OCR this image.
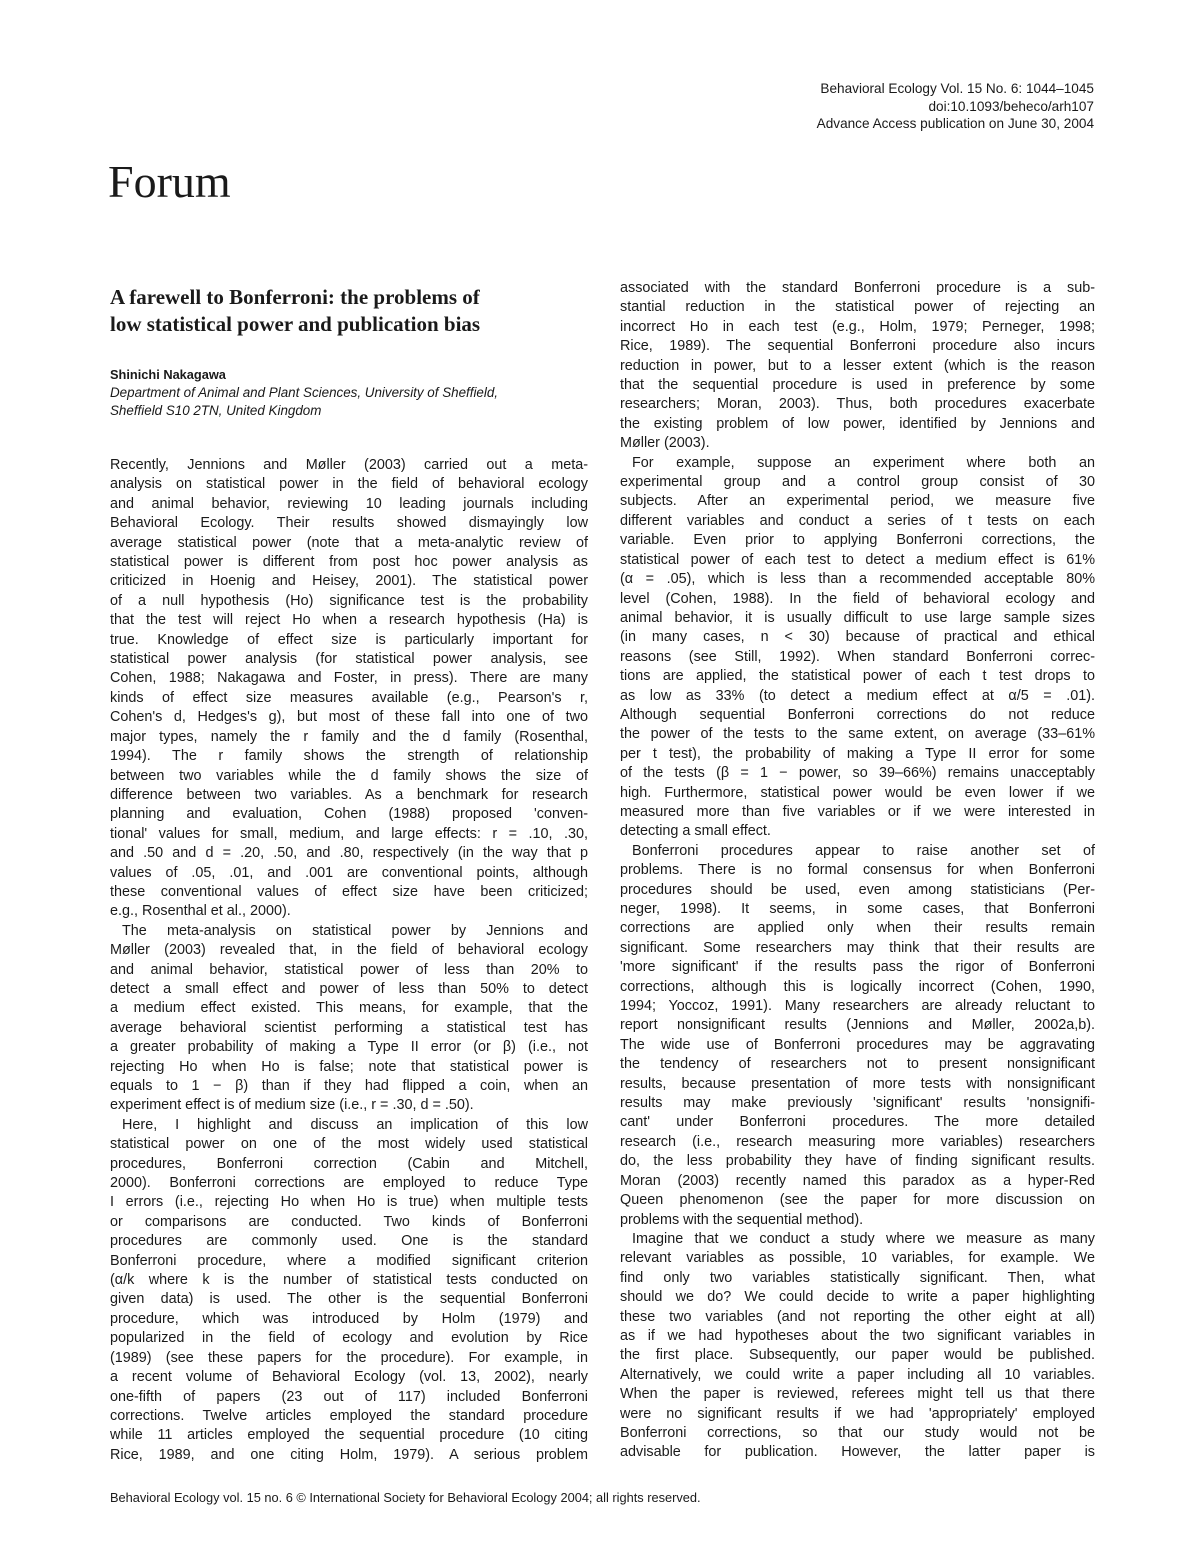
Behavioral Ecology Vol. 15 No. 6: 1044–1045
doi:10.1093/beheco/arh107
Advance Access publication on June 30, 2004
Forum
A farewell to Bonferroni: the problems of
low statistical power and publication bias
Shinichi Nakagawa
Department of Animal and Plant Sciences, University of Sheffield,
Sheffield S10 2TN, United Kingdom
Recently, Jennions and Møller (2003) carried out a meta-
analysis on statistical power in the field of behavioral ecology
and animal behavior, reviewing 10 leading journals including
Behavioral Ecology. Their results showed dismayingly low
average statistical power (note that a meta-analytic review of
statistical power is different from post hoc power analysis as
criticized in Hoenig and Heisey, 2001). The statistical power
of a null hypothesis (Ho) significance test is the probability
that the test will reject Ho when a research hypothesis (Ha) is
true. Knowledge of effect size is particularly important for
statistical power analysis (for statistical power analysis, see
Cohen, 1988; Nakagawa and Foster, in press). There are many
kinds of effect size measures available (e.g., Pearson's r,
Cohen's d, Hedges's g), but most of these fall into one of two
major types, namely the r family and the d family (Rosenthal,
1994). The r family shows the strength of relationship
between two variables while the d family shows the size of
difference between two variables. As a benchmark for research
planning and evaluation, Cohen (1988) proposed 'conven-
tional' values for small, medium, and large effects: r = .10, .30,
and .50 and d = .20, .50, and .80, respectively (in the way that p
values of .05, .01, and .001 are conventional points, although
these conventional values of effect size have been criticized;
e.g., Rosenthal et al., 2000).
The meta-analysis on statistical power by Jennions and
Møller (2003) revealed that, in the field of behavioral ecology
and animal behavior, statistical power of less than 20% to
detect a small effect and power of less than 50% to detect
a medium effect existed. This means, for example, that the
average behavioral scientist performing a statistical test has
a greater probability of making a Type II error (or β) (i.e., not
rejecting Ho when Ho is false; note that statistical power is
equals to 1 − β) than if they had flipped a coin, when an
experiment effect is of medium size (i.e., r = .30, d = .50).
Here, I highlight and discuss an implication of this low
statistical power on one of the most widely used statistical
procedures, Bonferroni correction (Cabin and Mitchell,
2000). Bonferroni corrections are employed to reduce Type
I errors (i.e., rejecting Ho when Ho is true) when multiple tests
or comparisons are conducted. Two kinds of Bonferroni
procedures are commonly used. One is the standard
Bonferroni procedure, where a modified significant criterion
(α/k where k is the number of statistical tests conducted on
given data) is used. The other is the sequential Bonferroni
procedure, which was introduced by Holm (1979) and
popularized in the field of ecology and evolution by Rice
(1989) (see these papers for the procedure). For example, in
a recent volume of Behavioral Ecology (vol. 13, 2002), nearly
one-fifth of papers (23 out of 117) included Bonferroni
corrections. Twelve articles employed the standard procedure
while 11 articles employed the sequential procedure (10 citing
Rice, 1989, and one citing Holm, 1979). A serious problem
associated with the standard Bonferroni procedure is a sub-
stantial reduction in the statistical power of rejecting an
incorrect Ho in each test (e.g., Holm, 1979; Perneger, 1998;
Rice, 1989). The sequential Bonferroni procedure also incurs
reduction in power, but to a lesser extent (which is the reason
that the sequential procedure is used in preference by some
researchers; Moran, 2003). Thus, both procedures exacerbate
the existing problem of low power, identified by Jennions and
Møller (2003).
For example, suppose an experiment where both an
experimental group and a control group consist of 30
subjects. After an experimental period, we measure five
different variables and conduct a series of t tests on each
variable. Even prior to applying Bonferroni corrections, the
statistical power of each test to detect a medium effect is 61%
(α = .05), which is less than a recommended acceptable 80%
level (Cohen, 1988). In the field of behavioral ecology and
animal behavior, it is usually difficult to use large sample sizes
(in many cases, n < 30) because of practical and ethical
reasons (see Still, 1992). When standard Bonferroni correc-
tions are applied, the statistical power of each t test drops to
as low as 33% (to detect a medium effect at α/5 = .01).
Although sequential Bonferroni corrections do not reduce
the power of the tests to the same extent, on average (33–61%
per t test), the probability of making a Type II error for some
of the tests (β = 1 − power, so 39–66%) remains unacceptably
high. Furthermore, statistical power would be even lower if we
measured more than five variables or if we were interested in
detecting a small effect.
Bonferroni procedures appear to raise another set of
problems. There is no formal consensus for when Bonferroni
procedures should be used, even among statisticians (Per-
neger, 1998). It seems, in some cases, that Bonferroni
corrections are applied only when their results remain
significant. Some researchers may think that their results are
'more significant' if the results pass the rigor of Bonferroni
corrections, although this is logically incorrect (Cohen, 1990,
1994; Yoccoz, 1991). Many researchers are already reluctant to
report nonsignificant results (Jennions and Møller, 2002a,b).
The wide use of Bonferroni procedures may be aggravating
the tendency of researchers not to present nonsignificant
results, because presentation of more tests with nonsignificant
results may make previously 'significant' results 'nonsignifi-
cant' under Bonferroni procedures. The more detailed
research (i.e., research measuring more variables) researchers
do, the less probability they have of finding significant results.
Moran (2003) recently named this paradox as a hyper-Red
Queen phenomenon (see the paper for more discussion on
problems with the sequential method).
Imagine that we conduct a study where we measure as many
relevant variables as possible, 10 variables, for example. We
find only two variables statistically significant. Then, what
should we do? We could decide to write a paper highlighting
these two variables (and not reporting the other eight at all)
as if we had hypotheses about the two significant variables in
the first place. Subsequently, our paper would be published.
Alternatively, we could write a paper including all 10 variables.
When the paper is reviewed, referees might tell us that there
were no significant results if we had 'appropriately' employed
Bonferroni corrections, so that our study would not be
advisable for publication. However, the latter paper is
Behavioral Ecology vol. 15 no. 6 © International Society for Behavioral Ecology 2004; all rights reserved.
